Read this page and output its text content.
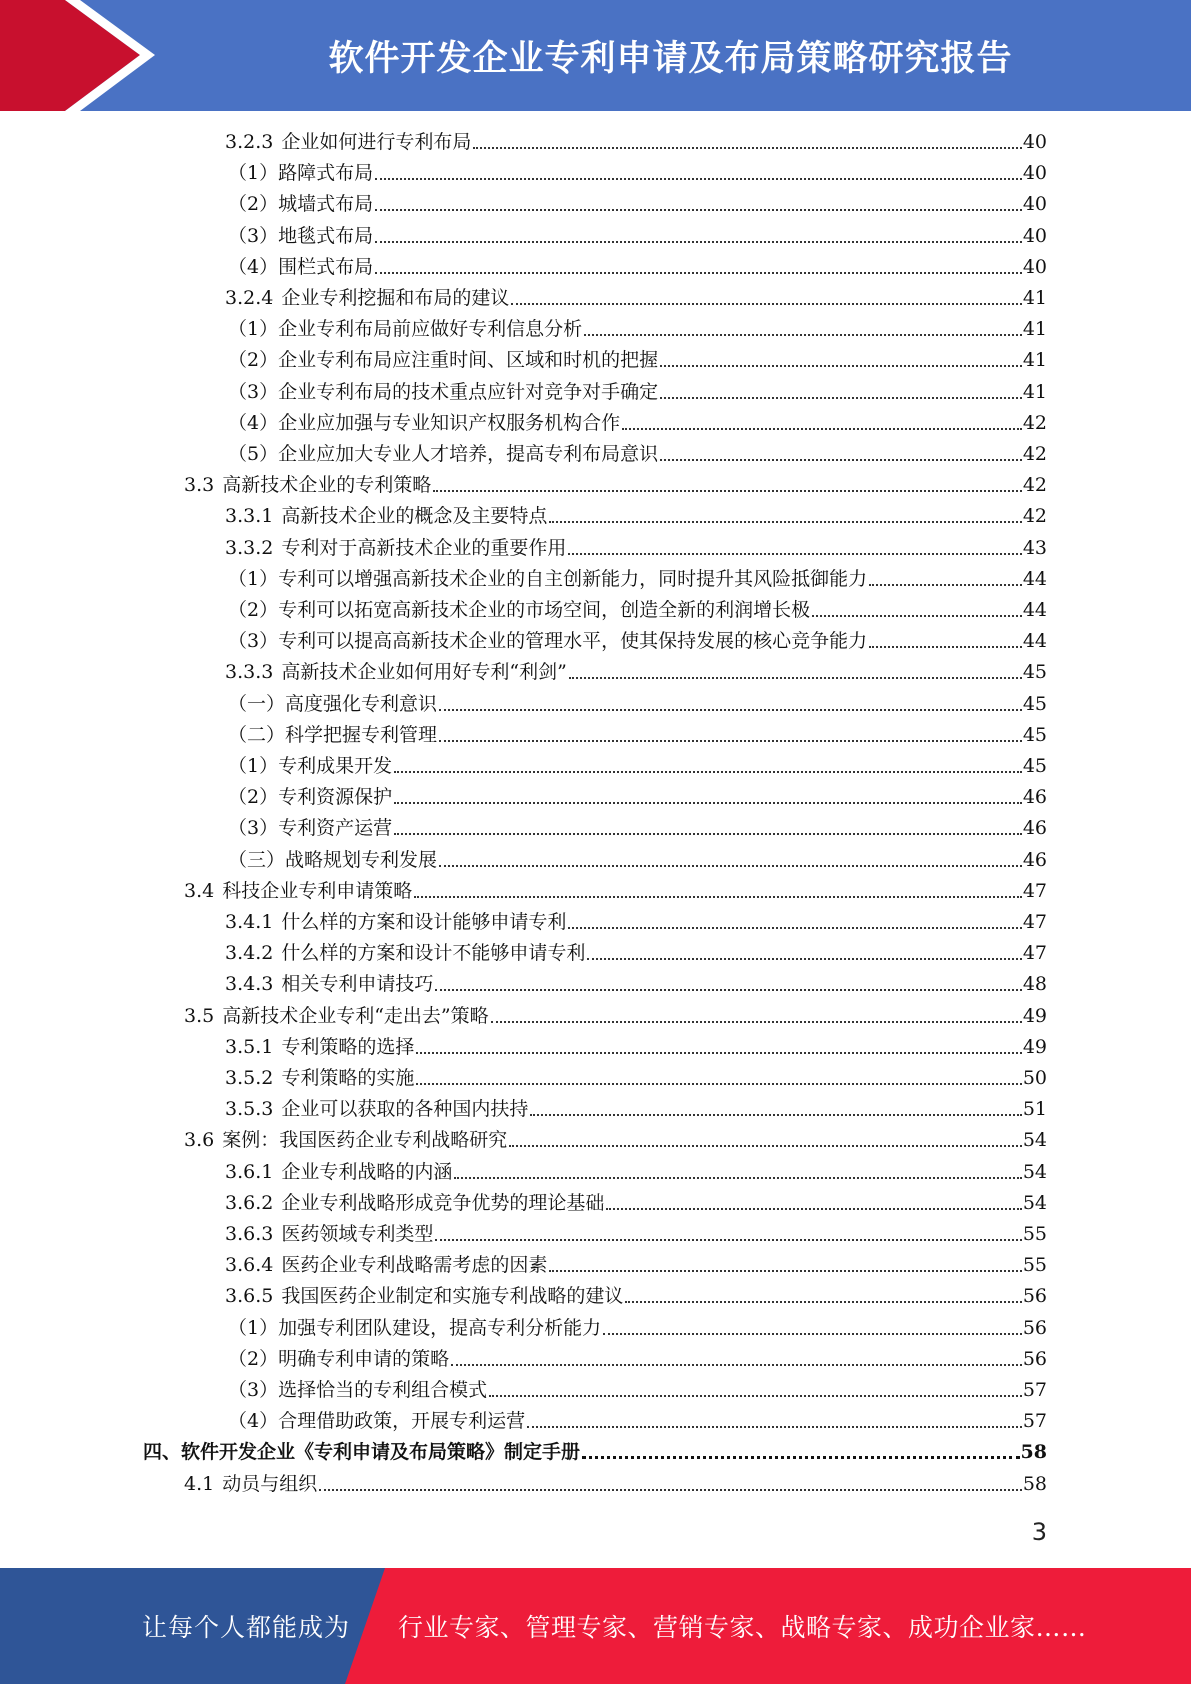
软件开发企业专利申请及布局策略研究报告
3.2.3 企业如何进行专利布局	40
（1）路障式布局	40
（2）城墙式布局	40
（3）地毯式布局	40
（4）围栏式布局	40
3.2.4 企业专利挖掘和布局的建议	41
（1）企业专利布局前应做好专利信息分析	41
（2）企业专利布局应注重时间、区域和时机的把握	41
（3）企业专利布局的技术重点应针对竞争对手确定	41
（4）企业应加强与专业知识产权服务机构合作	42
（5）企业应加大专业人才培养，提高专利布局意识	42
3.3 高新技术企业的专利策略	42
3.3.1 高新技术企业的概念及主要特点	42
3.3.2 专利对于高新技术企业的重要作用	43
（1）专利可以增强高新技术企业的自主创新能力，同时提升其风险抵御能力	44
（2）专利可以拓宽高新技术企业的市场空间，创造全新的利润增长极	44
（3）专利可以提高高新技术企业的管理水平，使其保持发展的核心竞争能力	44
3.3.3 高新技术企业如何用好专利“利剑”	45
（一）高度强化专利意识	45
（二）科学把握专利管理	45
（1）专利成果开发	45
（2）专利资源保护	46
（3）专利资产运营	46
（三）战略规划专利发展	46
3.4 科技企业专利申请策略	47
3.4.1 什么样的方案和设计能够申请专利	47
3.4.2 什么样的方案和设计不能够申请专利	47
3.4.3 相关专利申请技巧	48
3.5 高新技术企业专利“走出去”策略	49
3.5.1 专利策略的选择	49
3.5.2 专利策略的实施	50
3.5.3 企业可以获取的各种国内扶持	51
3.6 案例：我国医药企业专利战略研究	54
3.6.1 企业专利战略的内涵	54
3.6.2 企业专利战略形成竞争优势的理论基础	54
3.6.3 医药领域专利类型	55
3.6.4 医药企业专利战略需考虑的因素	55
3.6.5 我国医药企业制定和实施专利战略的建议	56
（1）加强专利团队建设，提高专利分析能力	56
（2）明确专利申请的策略	56
（3）选择恰当的专利组合模式	57
（4）合理借助政策，开展专利运营	57
四、软件开发企业《专利申请及布局策略》制定手册	58
4.1 动员与组织	58
3
让每个人都能成为 行业专家、管理专家、营销专家、战略专家、成功企业家……
